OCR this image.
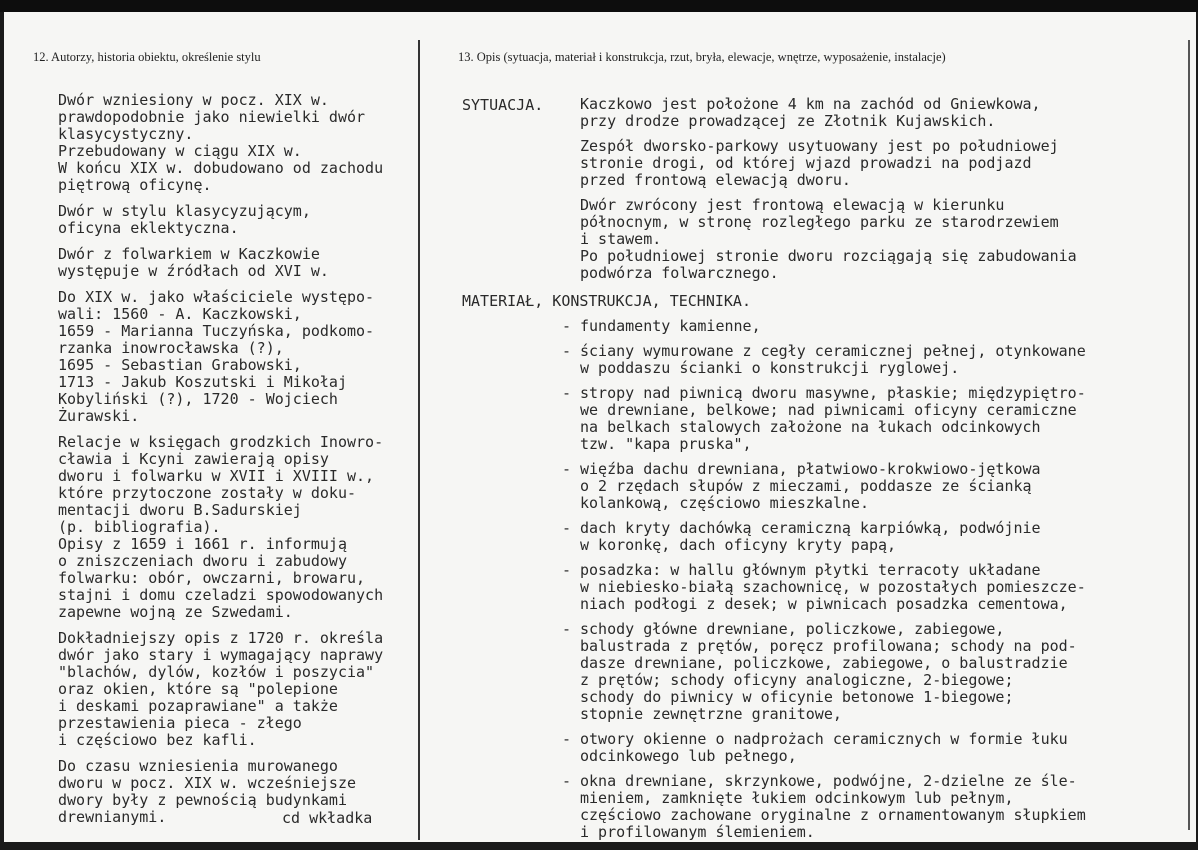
12. Autorzy, historia obiektu, określenie stylu	13. Opis (sytuacja, materiał i konstrukcja, rzut, bryła, elewacje, wnętrze, wyposażenie, instalacje)
Dwór wzniesiony w pocz. XIX w.
prawdopodobnie jako niewielki dwór
klasycystyczny.
Przebudowany w ciągu XIX w.
W końcu XIX w. dobudowano od zachodu
piętrową oficynę.
Dwór w stylu klasycyzującym,
oficyna eklektyczna.
Dwór z folwarkiem w Kaczkowie
występuje w źródłach od XVI w.
Do XIX w. jako właściciele występo-
wali: 1560 - A. Kaczkowski,
1659 - Marianna Tuczyńska, podkomo-
rzanka inowrocławska (?),
1695 - Sebastian Grabowski,
1713 - Jakub Koszutski i Mikołaj
Kobyliński (?), 1720 - Wojciech
Żurawski.
Relacje w księgach grodzkich Inowro-
cławia i Kcyni zawierają opisy
dworu i folwarku w XVII i XVIII w.,
które przytoczone zostały w doku-
mentacji dworu B.Sadurskiej
(p. bibliografia).
Opisy z 1659 i 1661 r. informują
o zniszczeniach dworu i zabudowy
folwarku: obór, owczarni, browaru,
stajni i domu czeladzi spowodowanych
zapewne wojną ze Szwedami.
Dokładniejszy opis z 1720 r. określa
dwór jako stary i wymagający naprawy
"blachów, dylów, kozłów i poszycia"
oraz okien, które są "polepione
i deskami pozaprawiane" a także
przestawienia pieca - złego
i częściowo bez kafli.
Do czasu wzniesienia murowanego
dworu w pocz. XIX w. wcześniejsze
dwory były z pewnością budynkami
drewnianymi.	cd wkładka
SYTUACJA. Kaczkowo jest położone 4 km na zachód od Gniewkowa,
przy drodze prowadzącej ze Złotnik Kujawskich.
Zespół dworsko-parkowy usytuowany jest po południowej
stronie drogi, od której wjazd prowadzi na podjazd
przed frontową elewacją dworu.
Dwór zwrócony jest frontową elewacją w kierunku
północnym, w stronę rozległego parku ze starodrzewiem
i stawem.
Po południowej stronie dworu rozciągają się zabudowania
podwórza folwarcznego.
MATERIAŁ, KONSTRUKCJA, TECHNIKA.
- fundamenty kamienne,
- ściany wymurowane z cegły ceramicznej pełnej, otynkowane
w poddaszu ścianki o konstrukcji ryglowej.
- stropy nad piwnicą dworu masywne, płaskie; międzypiętro-
we drewniane, belkowe; nad piwnicami oficyny ceramiczne
na belkach stalowych założone na łukach odcinkowych
tzw. "kapa pruska",
- więźba dachu drewniana, płatwiowo-krokwiowo-jętkowa
o 2 rzędach słupów z mieczami, poddasze ze ścianką
kolankową, częściowo mieszkalne.
- dach kryty dachówką ceramiczną karpiówką, podwójnie
w koronkę, dach oficyny kryty papą,
- posadzka: w hallu głównym płytki terracoty układane
w niebiesko-białą szachownicę, w pozostałych pomieszcze-
niach podłogi z desek; w piwnicach posadzka cementowa,
- schody główne drewniane, policzkowe, zabiegowe,
balustrada z prętów, poręcz profilowana; schody na pod-
dasze drewniane, policzkowe, zabiegowe, o balustradzie
z prętów; schody oficyny analogiczne, 2-biegowe;
schody do piwnicy w oficynie betonowe 1-biegowe;
stopnie zewnętrzne granitowe,
- otwory okienne o nadprożach ceramicznych w formie łuku
odcinkowego lub pełnego,
- okna drewniane, skrzynkowe, podwójne, 2-dzielne ze ślе-
mieniem, zamknięte łukiem odcinkowym lub pełnym,
częściowo zachowane oryginalne z ornamentowanym słupkiem
i profilowanym ślemieniem.
